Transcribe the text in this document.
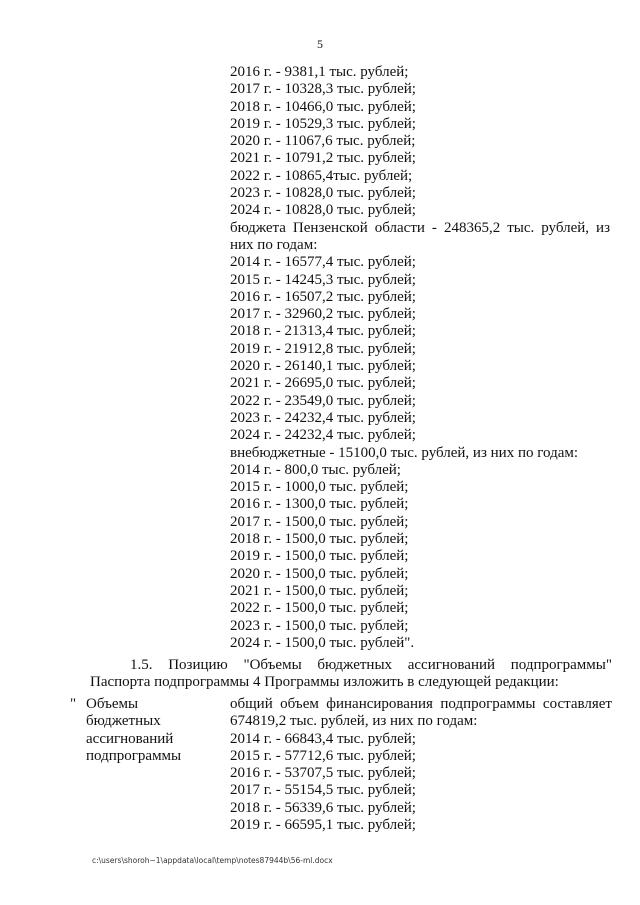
5
2016 г. - 9381,1 тыс. рублей;
2017 г. - 10328,3 тыс. рублей;
2018 г. - 10466,0 тыс. рублей;
2019 г. - 10529,3 тыс. рублей;
2020 г. - 11067,6 тыс. рублей;
2021 г. - 10791,2 тыс. рублей;
2022 г. - 10865,4тыс. рублей;
2023 г. - 10828,0 тыс. рублей;
2024 г. - 10828,0 тыс. рублей;
бюджета Пензенской области - 248365,2 тыс. рублей, из них по годам:
2014 г. - 16577,4 тыс. рублей;
2015 г. - 14245,3 тыс. рублей;
2016 г. - 16507,2 тыс. рублей;
2017 г. - 32960,2 тыс. рублей;
2018 г. - 21313,4 тыс. рублей;
2019 г. - 21912,8 тыс. рублей;
2020 г. - 26140,1 тыс. рублей;
2021 г. - 26695,0 тыс. рублей;
2022 г. - 23549,0 тыс. рублей;
2023 г. - 24232,4 тыс. рублей;
2024 г. - 24232,4 тыс. рублей;
внебюджетные - 15100,0 тыс. рублей, из них по годам:
2014 г. - 800,0 тыс. рублей;
2015 г. - 1000,0 тыс. рублей;
2016 г. - 1300,0 тыс. рублей;
2017 г. - 1500,0 тыс. рублей;
2018 г. - 1500,0 тыс. рублей;
2019 г. - 1500,0 тыс. рублей;
2020 г. - 1500,0 тыс. рублей;
2021 г. - 1500,0 тыс. рублей;
2022 г. - 1500,0 тыс. рублей;
2023 г. - 1500,0 тыс. рублей;
2024 г. - 1500,0 тыс. рублей".
1.5. Позицию "Объемы бюджетных ассигнований подпрограммы"
Паспорта подпрограммы 4 Программы изложить в следующей редакции:
" Объемы
бюджетных
ассигнований
подпрограммы
общий объем финансирования подпрограммы составляет 674819,2 тыс. рублей, из них по годам:
2014 г. - 66843,4 тыс. рублей;
2015 г. - 57712,6 тыс. рублей;
2016 г. - 53707,5 тыс. рублей;
2017 г. - 55154,5 тыс. рублей;
2018 г. - 56339,6 тыс. рублей;
2019 г. - 66595,1 тыс. рублей;
c:\users\shoroh~1\appdata\local\temp\notes87944b\56-ml.docx
